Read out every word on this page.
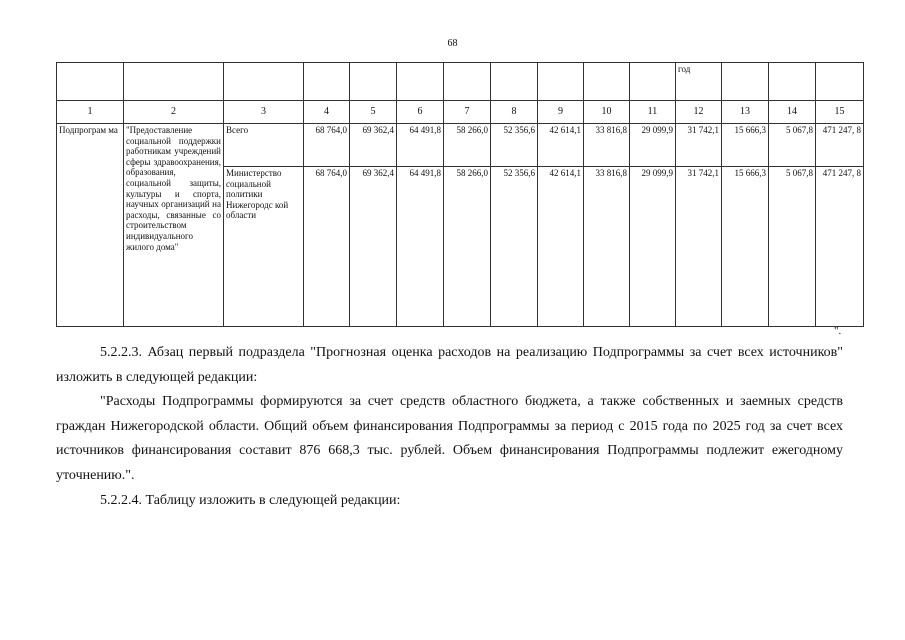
68
											год			
1	2	3	4	5	6	7	8	9	10	11	12	13	14	15
Подпрограм ма	"Предоставление социальной поддержки работникам учреждений сферы здравоохранения, образования, социальной защиты, культуры и спорта, научных организаций на расходы, связанные со строительством индивидуального жилого дома"	Всего	68 764,0	69 362,4	64 491,8	58 266,0	52 356,6	42 614,1	33 816,8	29 099,9	31 742,1	15 666,3	5 067,8	471 247, 8
		Министерство социальной политики Нижегородс кой области	68 764,0	69 362,4	64 491,8	58 266,0	52 356,6	42 614,1	33 816,8	29 099,9	31 742,1	15 666,3	5 067,8	471 247, 8
".

5.2.2.3. Абзац первый подраздела "Прогнозная оценка расходов на реализацию Подпрограммы за счет всех источников" изложить в следующей редакции:

"Расходы Подпрограммы формируются за счет средств областного бюджета, а также собственных и заемных средств граждан Нижегородской области. Общий объем финансирования Подпрограммы за период с 2015 года по 2025 год за счет всех источников финансирования составит 876 668,3 тыс. рублей. Объем финансирования Подпрограммы подлежит ежегодному уточнению.".

5.2.2.4. Таблицу изложить в следующей редакции:
